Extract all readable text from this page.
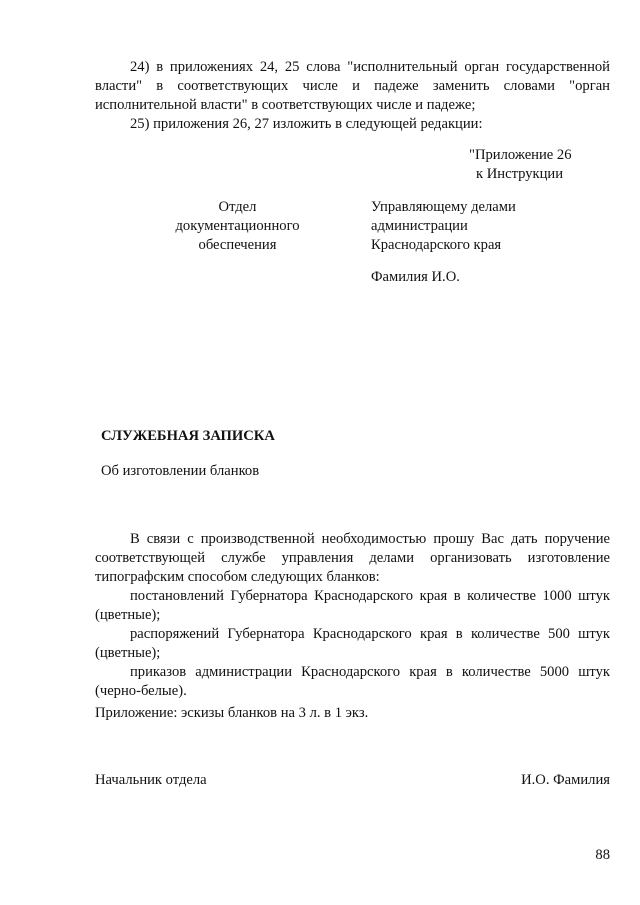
24) в приложениях 24, 25 слова "исполнительный орган государственной власти" в соответствующих числе и падеже заменить словами "орган исполнительной власти" в соответствующих числе и падеже;

25) приложения 26, 27 изложить в следующей редакции:

"Приложение 26
к Инструкции
Отдел
документационного
обеспечения
Управляющему делами
администрации
Краснодарского края
Фамилия И.О.
СЛУЖЕБНАЯ ЗАПИСКА
Об изготовлении бланков

В связи с производственной необходимостью прошу Вас дать поручение соответствующей службе управления делами организовать изготовление типографским способом следующих бланков:

постановлений Губернатора Краснодарского края в количестве 1000 штук (цветные);

распоряжений Губернатора Краснодарского края в количестве 500 штук (цветные);

приказов администрации Краснодарского края в количестве 5000 штук (черно-белые).

Приложение: эскизы бланков на 3 л. в 1 экз.
Начальник отдела	И.О. Фамилия
88
